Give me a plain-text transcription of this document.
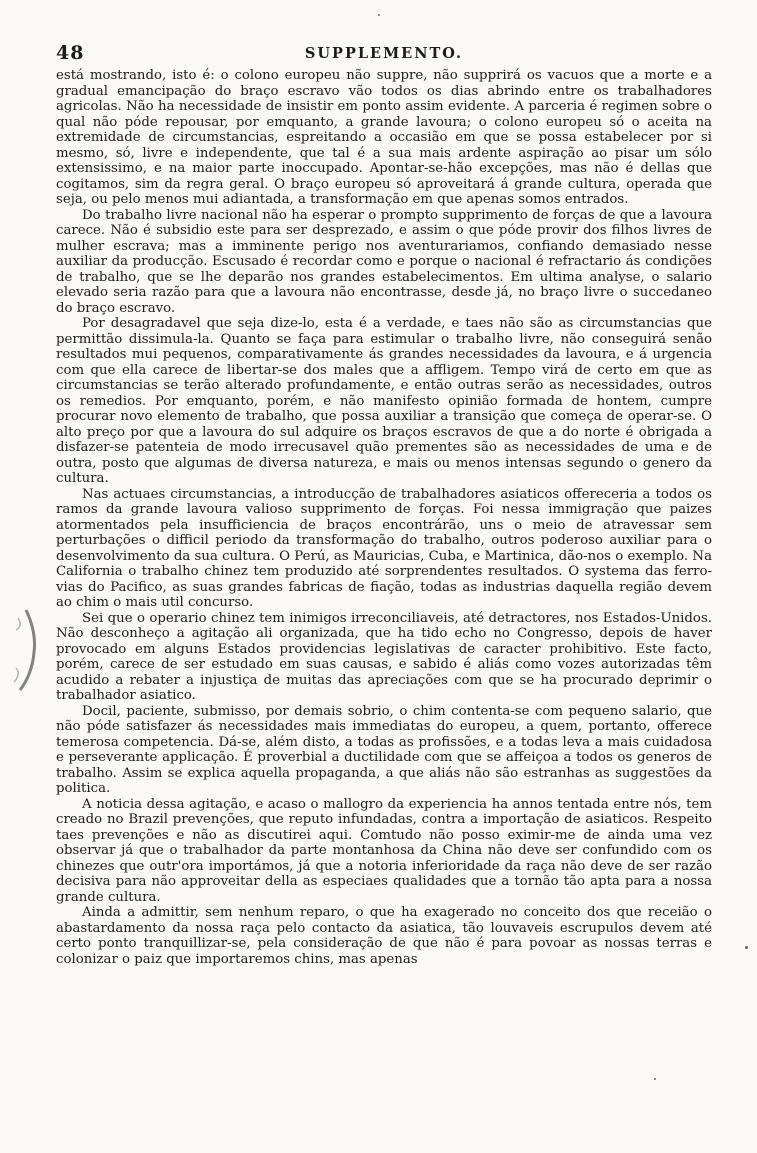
48	SUPPLEMENTO.

está mostrando, isto é: o colono europeu não suppre, não supprirá os vacuos que a morte e a gradual emancipação do braço escravo vão todos os dias abrindo entre os trabalhadores agricolas. Não ha necessidade de insistir em ponto assim evidente. A parceria é regimen sobre o qual não póde repousar, por emquanto, a grande lavoura; o colono europeu só o aceita na extremidade de circumstancias, espreitando a occasião em que se possa estabelecer por si mesmo, só, livre e independente, que tal é a sua mais ardente aspiração ao pisar um sólo extensissimo, e na maior parte inoccupado. Apontar-se-hão excepções, mas não é dellas que cogitamos, sim da regra geral. O braço europeu só aproveitará á grande cultura, operada que seja, ou pelo menos mui adiantada, a transformação em que apenas somos entrados.

Do trabalho livre nacional não ha esperar o prompto supprimento de forças de que a lavoura carece. Não é subsidio este para ser desprezado, e assim o que póde provir dos filhos livres de mulher escrava; mas a imminente perigo nos aventurariamos, confiando demasiado nesse auxiliar da producção. Escusado é recordar como e porque o nacional é refractario ás condições de trabalho, que se lhe deparão nos grandes estabelecimentos. Em ultima analyse, o salario elevado seria razão para que a lavoura não encontrasse, desde já, no braço livre o succedaneo do braço escravo.

Por desagradavel que seja dize-lo, esta é a verdade, e taes não são as circumstancias que permittão dissimula-la. Quanto se faça para estimular o trabalho livre, não conseguirá senão resultados mui pequenos, comparativamente ás grandes necessidades da lavoura, e á urgencia com que ella carece de libertar-se dos males que a affligem. Tempo virá de certo em que as circumstancias se terão alterado profundamente, e então outras serão as necessidades, outros os remedios. Por emquanto, porém, e não manifesto opinião formada de hontem, cumpre procurar novo elemento de trabalho, que possa auxiliar a transição que começa de operar-se. O alto preço por que a lavoura do sul adquire os braços escravos de que a do norte é obrigada a disfazer-se patenteia de modo irrecusavel quão prementes são as necessidades de uma e de outra, posto que algumas de diversa natureza, e mais ou menos intensas segundo o genero da cultura.

Nas actuaes circumstancias, a introducção de trabalhadores asiaticos offereceria a todos os ramos da grande lavoura valioso supprimento de forças. Foi nessa immigração que paizes atormentados pela insufficiencia de braços encontrárão, uns o meio de atravessar sem perturbações o difficil periodo da transformação do trabalho, outros poderoso auxiliar para o desenvolvimento da sua cultura. O Perú, as Mauricias, Cuba, e Martinica, dão-nos o exemplo. Na California o trabalho chinez tem produzido até sorprendentes resultados. O systema das ferro-vias do Pacifico, as suas grandes fabricas de fiação, todas as industrias daquella região devem ao chim o mais util concurso.

Sei que o operario chinez tem inimigos irreconciliaveis, até detractores, nos Estados-Unidos. Não desconheço a agitação ali organizada, que ha tido echo no Congresso, depois de haver provocado em alguns Estados providencias legislativas de caracter prohibitivo. Este facto, porém, carece de ser estudado em suas causas, e sabido é aliás como vozes autorizadas têm acudido a rebater a injustiça de muitas das apreciações com que se ha procurado deprimir o trabalhador asiatico.

Docil, paciente, submisso, por demais sobrio, o chim contenta-se com pequeno salario, que não póde satisfazer ás necessidades mais immediatas do europeu, a quem, portanto, offerece temerosa competencia. Dá-se, além disto, a todas as profissões, e a todas leva a mais cuidadosa e perseverante applicação. É proverbial a ductilidade com que se affeiçoa a todos os generos de trabalho. Assim se explica aquella propaganda, a que aliás não são estranhas as suggestões da politica.

A noticia dessa agitação, e acaso o mallogro da experiencia ha annos tentada entre nós, tem creado no Brazil prevenções, que reputo infundadas, contra a importação de asiaticos. Respeito taes prevenções e não as discutirei aqui. Comtudo não posso eximir-me de ainda uma vez observar já que o trabalhador da parte montanhosa da China não deve ser confundido com os chinezes que outr'ora importámos, já que a notoria inferioridade da raça não deve de ser razão decisiva para não approveitar della as especiaes qualidades que a tornão tão apta para a nossa grande cultura.

Ainda a admittir, sem nenhum reparo, o que ha exagerado no conceito dos que receião o abastardamento da nossa raça pelo contacto da asiatica, tão louvaveis escrupulos devem até certo ponto tranquillizar-se, pela consideração de que não é para povoar as nossas terras e colonizar o paiz que importaremos chins, mas apenas
